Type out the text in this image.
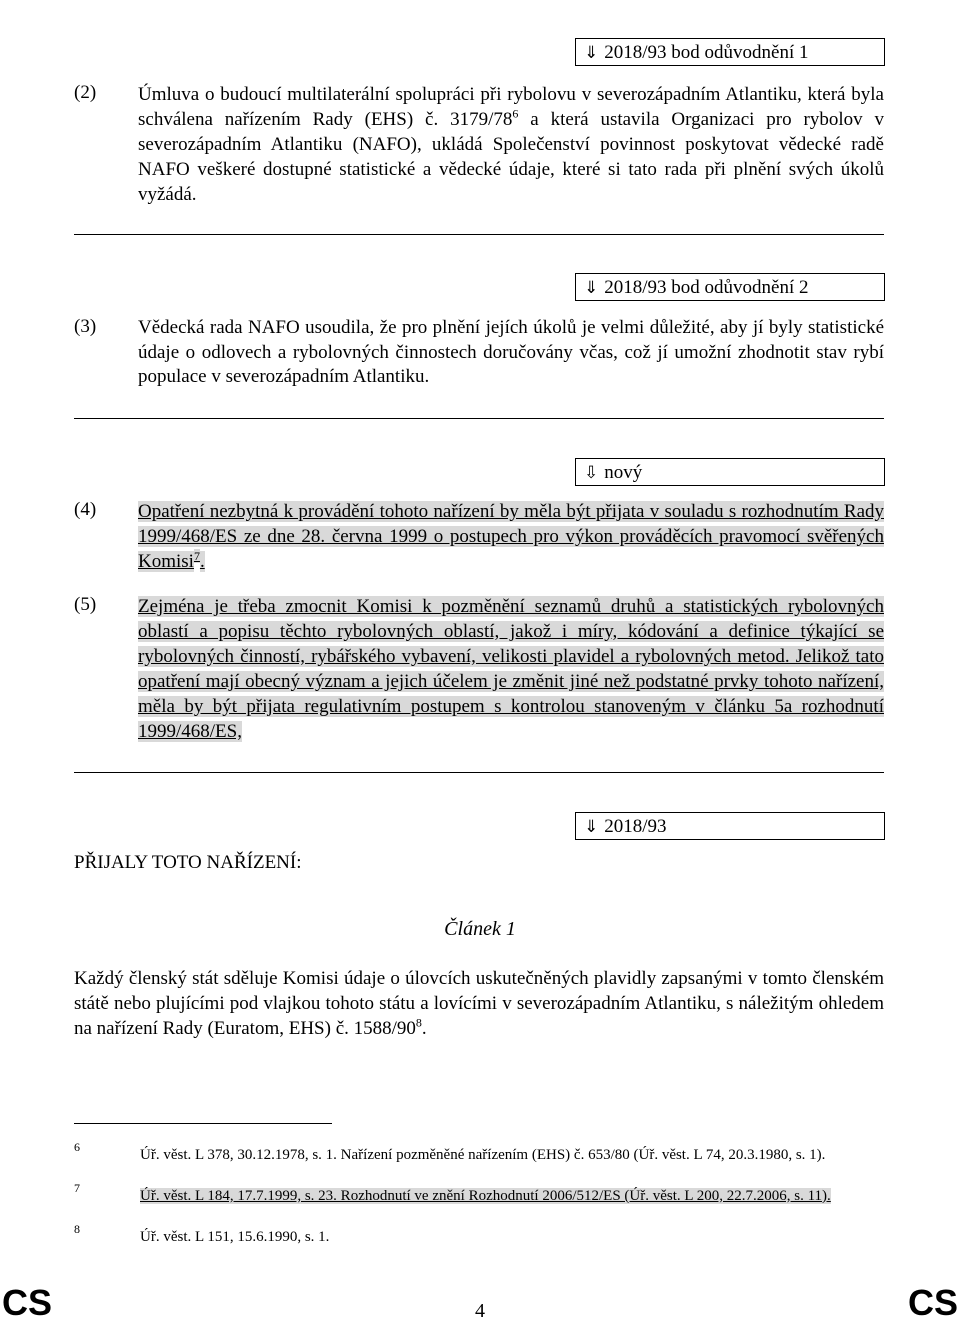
⇓ 2018/93 bod odůvodnění 1
(2) Úmluva o budoucí multilaterální spolupráci při rybolovu v severozápadním Atlantiku, která byla schválena nařízením Rady (EHS) č. $3179/78^6$ a která ustavila Organizaci pro rybolov v severozápadním Atlantiku (NAFO), ukládá Společenství povinnost poskytovat vědecké radě NAFO veškeré dostupné statistické a vědecké údaje, které si tato rada při plnění svých úkolů vyžádá.
⇓ 2018/93 bod odůvodnění 2
(3) Vědecká rada NAFO usoudila, že pro plnění jejích úkolů je velmi důležité, aby jí byly statistické údaje o odlovech a rybolovných činnostech doručovány včas, což jí umožní zhodnotit stav rybí populace v severozápadním Atlantiku.
⇩ nový
(4) Opatření nezbytná k provádění tohoto nařízení by měla být přijata v souladu s rozhodnutím Rady 1999/468/ES ze dne 28. června 1999 o postupech pro výkon prováděcích pravomocí svěřených Komisi$^7$.
(5) Zejména je třeba zmocnit Komisi k pozměnění seznamů druhů a statistických rybolovných oblastí a popisu těchto rybolovných oblastí, jakož i míry, kódování a definice týkající se rybolovných činností, rybářského vybavení, velikosti plavidel a rybolovných metod. Jelikož tato opatření mají obecný význam a jejich účelem je změnit jiné než podstatné prvky tohoto nařízení, měla by být přijata regulativním postupem s kontrolou stanoveným v článku 5a rozhodnutí 1999/468/ES,
⇓ 2018/93
PŘIJALY TOTO NAŘÍZENÍ:
Článek 1
Každý členský stát sděluje Komisi údaje o úlovcích uskutečněných plavidly zapsanými v tomto členském státě nebo plujícími pod vlajkou tohoto státu a lovícími v severozápadním Atlantiku, s náležitým ohledem na nařízení Rady (Euratom, EHS) č. $1588/90^8$.
6	Úř. věst. L 378, 30.12.1978, s. 1. Nařízení pozměněné nařízením (EHS) č. 653/80 (Úř. věst. L 74, 20.3.1980, s. 1).
7	Úř. věst. L 184, 17.7.1999, s. 23. Rozhodnutí ve znění Rozhodnutí 2006/512/ES (Úř. věst. L 200, 22.7.2006, s. 11).
8	Úř. věst. L 151, 15.6.1990, s. 1.
CS	4	CS
